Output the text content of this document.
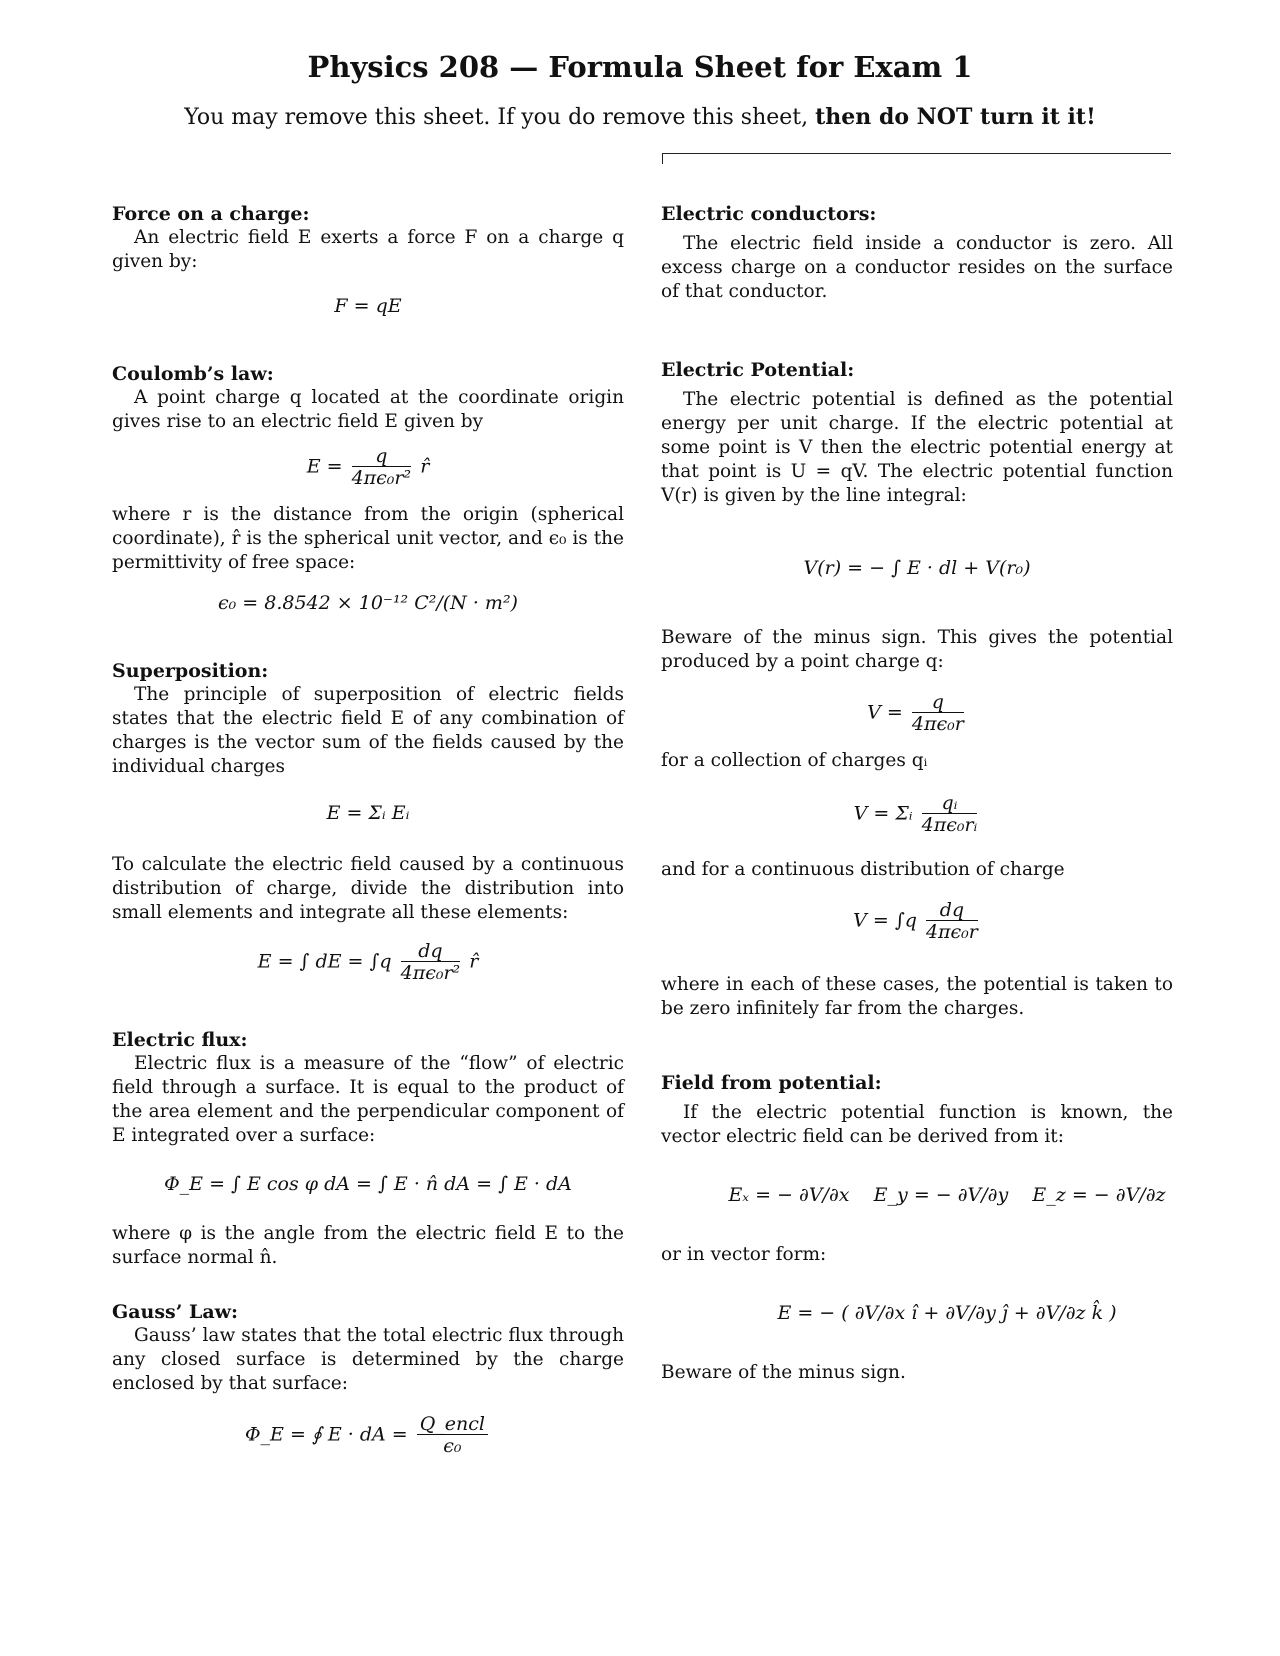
Physics 208 — Formula Sheet for Exam 1
You may remove this sheet. If you do remove this sheet, then do NOT turn it it!
Force on a charge:

An electric field E exerts a force F on a charge q given by:

F = qE
Coulomb’s law:

A point charge q located at the coordinate origin gives rise to an electric field E given by

$E = \frac{q}{\text{4πϵ₀r²}}$ r̂

where r is the distance from the origin (spherical coordinate), r̂ is the spherical unit vector, and ϵ₀ is the permittivity of free space:

ϵ₀ = 8.8542 × 10⁻¹² C²/(N · m²)
Superposition:

The principle of superposition of electric fields states that the electric field E of any combination of charges is the vector sum of the fields caused by the individual charges

E = Σᵢ Eᵢ

To calculate the electric field caused by a continuous distribution of charge, divide the distribution into small elements and integrate all these elements:

E = ∫ dE = $\int q \frac{dq}{\text{4πϵ₀r²}}$ r̂
Electric flux:

Electric flux is a measure of the “flow” of electric field through a surface. It is equal to the product of the area element and the perpendicular component of E integrated over a surface:

Φ_E = ∫ E cos φ dA = ∫ E · n̂ dA = ∫ E · dA

where φ is the angle from the electric field E to the surface normal n̂.

Gauss’ Law:

Gauss’ law states that the total electric flux through any closed surface is determined by the charge enclosed by that surface:

Φ_E = ∮ E · dA = $\frac{\text{Q\_encl}}{\text{ϵ₀}}$
Electric conductors:

The electric field inside a conductor is zero. All excess charge on a conductor resides on the surface of that conductor.

Electric Potential:

The electric potential is defined as the potential energy per unit charge. If the electric potential at some point is V then the electric potential energy at that point is U = qV. The electric potential function V(r) is given by the line integral:

V(r) = − ∫ E · dl + V(r₀)

Beware of the minus sign. This gives the potential produced by a point charge q:

$V = \frac{q}{\text{4πϵ₀r}}$

for a collection of charges qᵢ

V = Σᵢ $\frac{\text{qᵢ}}{\text{4πϵ₀rᵢ}}$

and for a continuous distribution of charge

$V = \int q \frac{dq}{\text{4πϵ₀r}}$

where in each of these cases, the potential is taken to be zero infinitely far from the charges.

Field from potential:

If the electric potential function is known, the vector electric field can be derived from it:

Eₓ = − ∂V/∂x E_y = − ∂V/∂y E_z = − ∂V/∂z

or in vector form:

E = − ( ∂V/∂x î + ∂V/∂y ĵ + ∂V/∂z k̂ )

Beware of the minus sign.
